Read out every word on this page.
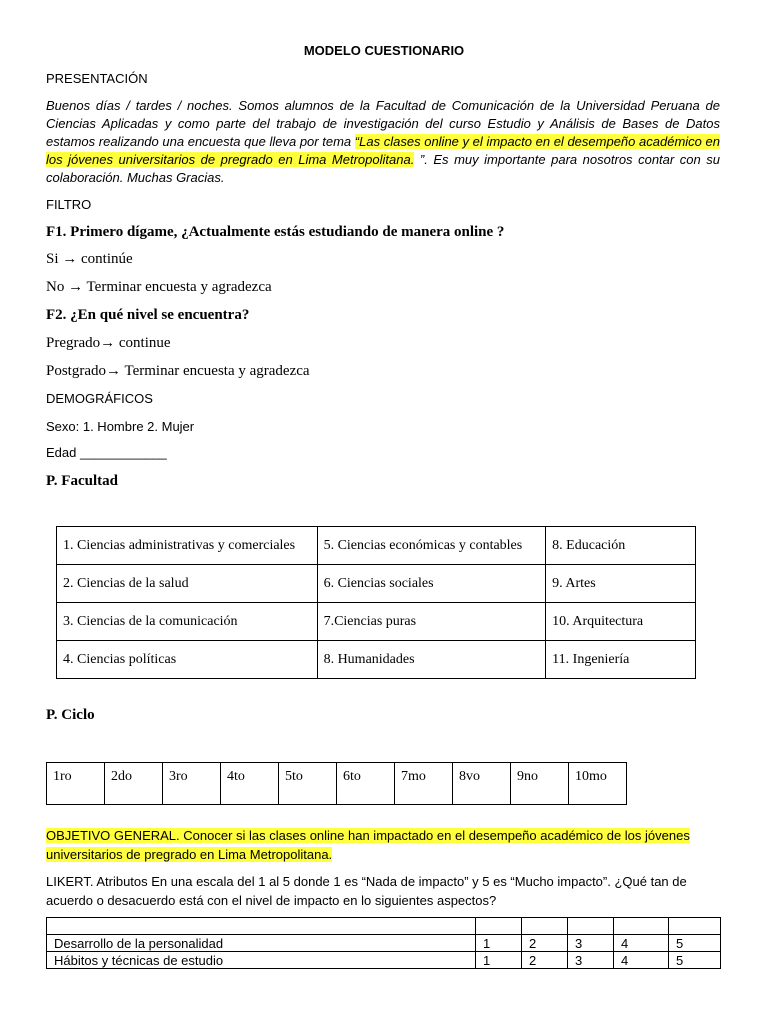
MODELO CUESTIONARIO
PRESENTACIÓN
Buenos días / tardes / noches. Somos alumnos de la Facultad de Comunicación de la Universidad Peruana de Ciencias Aplicadas y como parte del trabajo de investigación del curso Estudio y Análisis de Bases de Datos estamos realizando una encuesta que lleva por tema “Las clases online y el impacto en el desempeño académico en los jóvenes universitarios de pregrado en Lima Metropolitana. ”. Es muy importante para nosotros contar con su colaboración. Muchas Gracias.
FILTRO
F1. Primero dígame, ¿Actualmente estás estudiando de manera online ?
Si → continúe
No → Terminar encuesta y agradezca
F2. ¿En qué nivel se encuentra?
Pregrado→ continue
Postgrado→ Terminar encuesta y agradezca
DEMOGRÁFICOS
Sexo: 1. Hombre 2. Mujer
Edad ____________
P. Facultad
1. Ciencias administrativas y comerciales	5. Ciencias económicas y contables	8. Educación
2. Ciencias de la salud	6. Ciencias sociales	9. Artes
3. Ciencias de la comunicación	7.Ciencias puras	10. Arquitectura
4. Ciencias políticas	8. Humanidades	11. Ingeniería
P. Ciclo
1ro	2do	3ro	4to	5to	6to	7mo	8vo	9no	10mo
OBJETIVO GENERAL. Conocer si las clases online han impactado en el desempeño académico de los jóvenes universitarios de pregrado en Lima Metropolitana.
LIKERT. Atributos En una escala del 1 al 5 donde 1 es “Nada de impacto” y 5 es “Mucho impacto”. ¿Qué tan de acuerdo o desacuerdo está con el nivel de impacto en lo siguientes aspectos?

Desarrollo de la personalidad	1	2	3	4	5
Hábitos y técnicas de estudio	1	2	3	4	5
